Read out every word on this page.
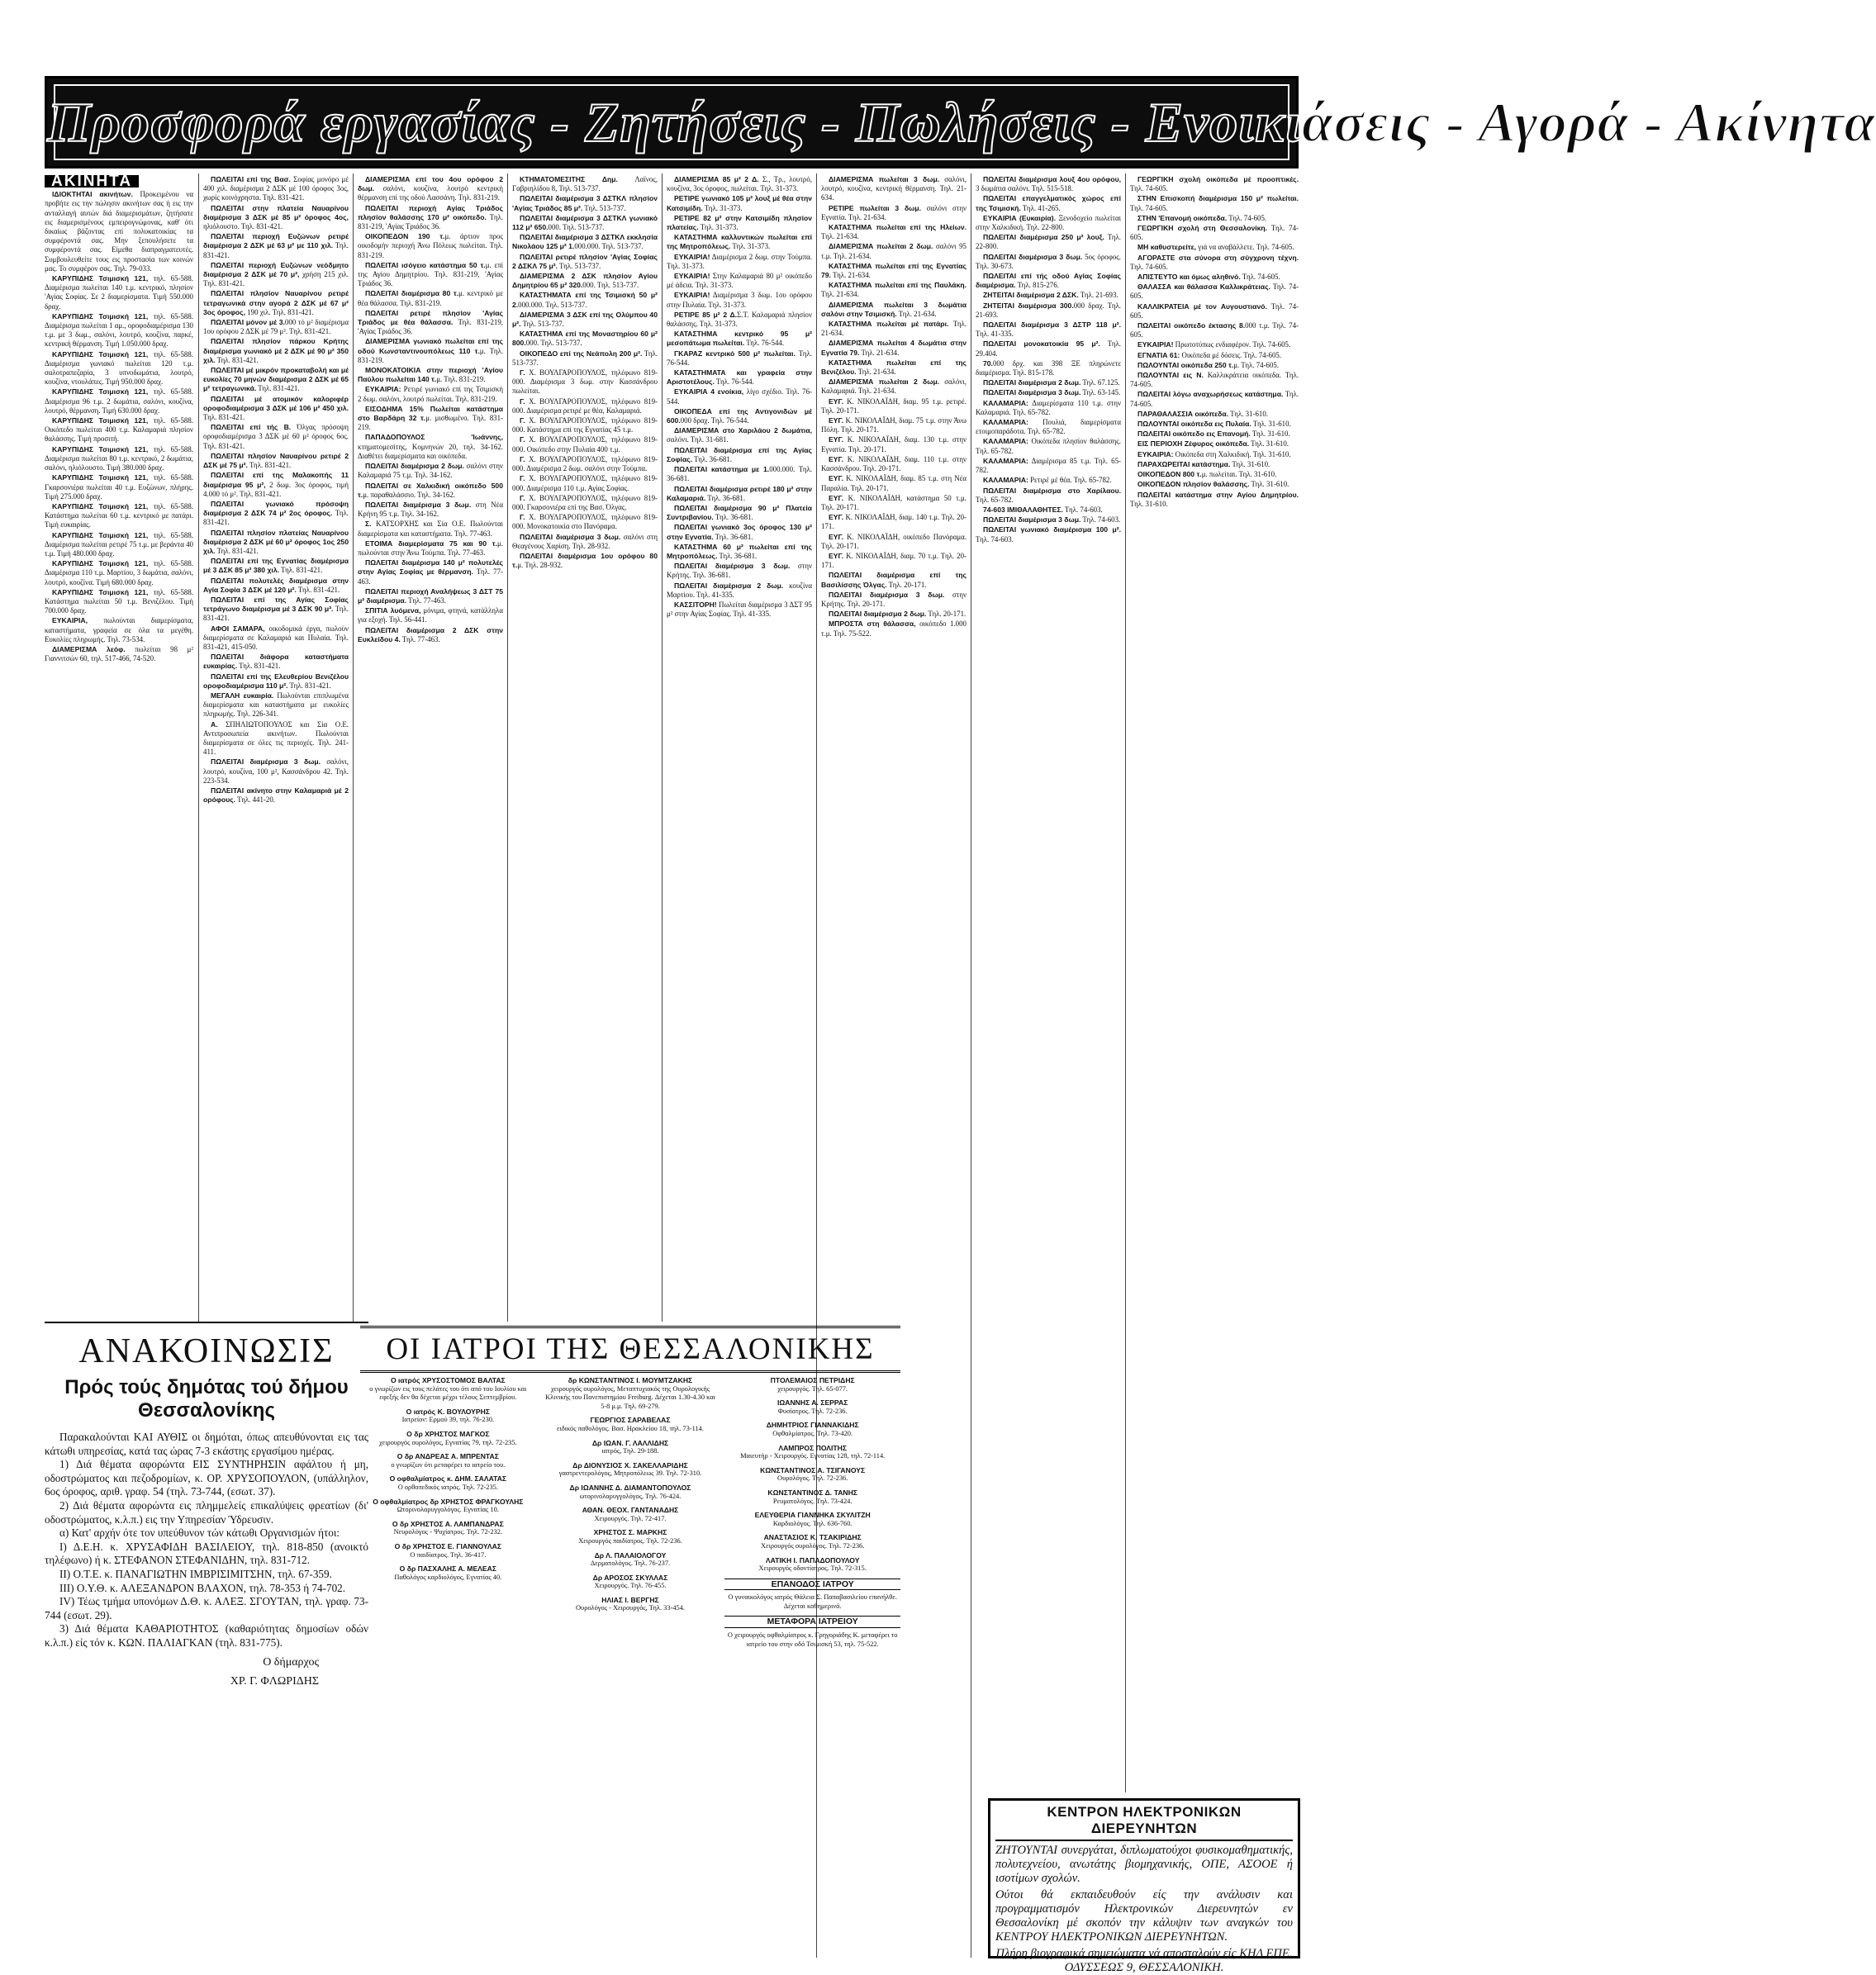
Προσφορά εργασίας - Ζητήσεις - Πωλήσεις - Ενοικιάσεις - Αγορά - Ακίνητα
ΑΚΙΝΗΤΑ

ΙΔΙΟΚΤΗΤΑΙ ακινήτων. Προκειμένου να προβήτε εις την πώλησιν ακινήτων σας ή εις την ανταλλαγή αυτών διά διαμερισμάτων, ζητήσατε εις διαμερισμένους εμπειρογνώμονας, καθ' ότι δικαίως βάζοντας επί πολυκατοικίας τα συμφέροντά σας. Μην ξεπουλήσετε τα συμφέροντά σας. Είμεθα διαπραγματευτές. Συμβουλευθείτε τους εις προστασία των κοινών μας. Το συμφέρον σας. Τηλ. 79-033.

ΚΑΡΥΠΙΔΗΣ Τσιμισκή 121, τηλ. 65-588. Διαμέρισμα πωλείται 140 τ.μ. κεντρικό, πλησίον 'Αγίας Σοφίας. Σε 2 διαμερίσματα. Τιμή 550.000 δραχ.

ΚΑΡΥΠΙΔΗΣ Τσιμισκή 121, τηλ. 65-588. Διαμέρισμα πωλείται 1 αμ., οροφοδιαμέρισμα 130 τ.μ. με 3 δωμ., σαλόνι, λουτρό, κουζίνα, παρκέ, κεντρική θέρμανση. Τιμή 1.050.000 δραχ.

ΚΑΡΥΠΙΔΗΣ Τσιμισκή 121, τηλ. 65-588. Διαμέρισμα γωνιακό πωλείται 120 τ.μ. σαλοτραπεζαρία, 3 υπνοδωμάτια, λουτρό, κουζίνα, ντουλάπες. Τιμή 950.000 δραχ.

ΚΑΡΥΠΙΔΗΣ Τσιμισκή 121, τηλ. 65-588. Διαμέρισμα 96 τ.μ. 2 δωμάτια, σαλόνι, κουζίνα, λουτρό, θέρμανση. Τιμή 630.000 δραχ.

ΚΑΡΥΠΙΔΗΣ Τσιμισκή 121, τηλ. 65-588. Οικόπεδο πωλείται 400 τ.μ. Καλαμαριά πλησίον θαλάσσης. Τιμή προσιτή.

ΚΑΡΥΠΙΔΗΣ Τσιμισκή 121, τηλ. 65-588. Διαμέρισμα πωλείται 80 τ.μ. κεντρικό, 2 δωμάτια, σαλόνι, ηλιόλουστο. Τιμή 380.000 δραχ.

ΚΑΡΥΠΙΔΗΣ Τσιμισκή 121, τηλ. 65-588. Γκαρσονιέρα πωλείται 40 τ.μ. Ευζώνων, πλήρης. Τιμή 275.000 δραχ.

ΚΑΡΥΠΙΔΗΣ Τσιμισκή 121, τηλ. 65-588. Κατάστημα πωλείται 60 τ.μ. κεντρικό με πατάρι. Τιμή ευκαιρίας.

ΚΑΡΥΠΙΔΗΣ Τσιμισκή 121, τηλ. 65-588. Διαμέρισμα πωλείται ρετιρέ 75 τ.μ. με βεράντα 40 τ.μ. Τιμή 480.000 δραχ.

ΚΑΡΥΠΙΔΗΣ Τσιμισκή 121, τηλ. 65-588. Διαμέρισμα 110 τ.μ. Μαρτίου, 3 δωμάτια, σαλόνι, λουτρό, κουζίνα. Τιμή 680.000 δραχ.

ΚΑΡΥΠΙΔΗΣ Τσιμισκή 121, τηλ. 65-588. Κατάστημα πωλείται 50 τ.μ. Βενιζέλου. Τιμή 700.000 δραχ.

ΕΥΚΑΙΡΙΑ, πωλούνται διαμερίσματα, καταστήματα, γραφεία σε όλα τα μεγέθη. Ευκολίες πληρωμής. Τηλ. 73-534.

ΔΙΑΜΕΡΙΣΜΑ λεόφ. πωλείται 98 μ² Γιαννιτσών 60, τηλ. 517-466, 74-520.

ΠΩΛΕΙΤΑΙ επί της Βασ. Σοφίας μονόρο μέ 400 χιλ. διαμέρισμα 2 ΔΣΚ μέ 100 όροφος 3ος, χωρίς κοινόχρηστα. Τηλ. 831-421.

ΠΩΛΕΙΤΑΙ στην πλατεία Ναυαρίνου διαμέρισμα 3 ΔΣΚ μέ 85 μ² όροφος 4ος, ηλιόλουστο. Τηλ. 831-421.

ΠΩΛΕΙΤΑΙ περιοχή Ευζώνων ρετιρέ διαμέρισμα 2 ΔΣΚ μέ 63 μ² με 110 χιλ. Τηλ. 831-421.

ΠΩΛΕΙΤΑΙ περιοχή Ευζώνων νεόδμητο διαμέρισμα 2 ΔΣΚ μέ 70 μ², χρήση 215 χιλ. Τηλ. 831-421.

ΠΩΛΕΙΤΑΙ πλησίον Ναυαρίνου ρετιρέ τετραγωνικά στην αγορά 2 ΔΣΚ μέ 67 μ² 3ος όροφος, 190 χιλ. Τηλ. 831-421.

ΠΩΛΕΙΤΑΙ μόνον μέ 3.000 τό μ² διαμέρισμα 1ου ορόφου 2 ΔΣΚ μέ 79 μ². Τηλ. 831-421.

ΠΩΛΕΙΤΑΙ πλησίον πάρκου Κρήτης διαμέρισμα γωνιακό μέ 2 ΔΣΚ μέ 90 μ² 350 χιλ. Τηλ. 831-421.

ΠΩΛΕΙΤΑΙ μέ μικρόν προκαταβολή και μέ ευκολίες 70 μηνών διαμέρισμα 2 ΔΣΚ μέ 65 μ² τετραγωνικά. Τηλ. 831-421.

ΠΩΛΕΙΤΑΙ μέ ατομικόν καλοριφέρ οροφοδιαμέρισμα 3 ΔΣΚ μέ 106 μ² 450 χιλ. Τηλ. 831-421.

ΠΩΛΕΙΤΑΙ επί τής Β. Όλγας πρόσοψη οροφοδιαμέρισμα 3 ΔΣΚ μέ 60 μ² όροφος 6ος. Τηλ. 831-421.

ΠΩΛΕΙΤΑΙ πλησίον Ναυαρίνου ρετιρέ 2 ΔΣΚ μέ 75 μ². Τηλ. 831-421.

ΠΩΛΕΙΤΑΙ επί της Μαλακοπής 11 διαμέρισμα 95 μ², 2 δωμ. 3ος όροφος, τιμή 4.000 τό μ². Τηλ. 831-421.

ΠΩΛΕΙΤΑΙ γωνιακό πρόσοψη διαμέρισμα 2 ΔΣΚ 74 μ² 2ος όροφος. Τηλ. 831-421.

ΠΩΛΕΙΤΑΙ πλησίον πλατείας Ναυαρίνου διαμέρισμα 2 ΔΣΚ μέ 60 μ² όροφος 1ος 250 χιλ. Τηλ. 831-421.

ΠΩΛΕΙΤΑΙ επί της Εγνατίας διαμέρισμα μέ 3 ΔΣΚ 85 μ² 380 χιλ. Τηλ. 831-421.

ΠΩΛΕΙΤΑΙ πολυτελές διαμέρισμα στην Αγία Σοφία 3 ΔΣΚ μέ 120 μ². Τηλ. 831-421.

ΠΩΛΕΙΤΑΙ επί της Αγίας Σοφίας τετράγωνο διαμέρισμα μέ 3 ΔΣΚ 90 μ². Τηλ. 831-421.

ΑΦΟΙ ΣΑΜΑΡΑ, οικοδομικά έργα, πωλούν διαμερίσματα σε Καλαμαριά και Πυλαία. Τηλ. 831-421, 415-050.

ΠΩΛΕΙΤΑΙ διάφορα καταστήματα ευκαιρίας. Τηλ. 831-421.

ΠΩΛΕΙΤΑΙ επί της Ελευθερίου Βενιζέλου οροφοδιαμέρισμα 110 μ². Τηλ. 831-421.

ΜΕΓΑΛΗ ευκαιρία. Πωλούνται επιπλωμένα διαμερίσματα και καταστήματα με ευκολίες πληρωμής. Τηλ. 226-341.

Α. ΣΠΗΛΙΩΤΟΠΟΥΛΟΣ και Σία Ο.Ε. Αντιπροσωπεία ακινήτων. Πωλούνται διαμερίσματα σε όλες τις περιοχές. Τηλ. 241-411.

ΠΩΛΕΙΤΑΙ διαμέρισμα 3 δωμ. σαλόνι, λουτρό, κουζίνα, 100 μ², Κασσάνδρου 42. Τηλ. 223-534.

ΠΩΛΕΙΤΑΙ ακίνητο στην Καλαμαριά μέ 2 ορόφους. Τηλ. 441-20.

ΔΙΑΜΕΡΙΣΜΑ επί του 4ου ορόφου 2 δωμ. σαλόνι, κουζίνα, λουτρό κεντρική θέρμανση επί της οδού Λασσάνη. Τηλ. 831-219.

ΠΩΛΕΙΤΑΙ περιοχή Αγίας Τριάδος πλησίον θαλάσσης 170 μ² οικόπεδο. Τηλ. 831-219, 'Αγίας Τριάδος 36.

ΟΙΚΟΠΕΔΟΝ 190 τ.μ. άρτιον προς οικοδομήν περιοχή Άνω Πόλεως πωλείται. Τηλ. 831-219.

ΠΩΛΕΙΤΑΙ ισόγειο κατάστημα 50 τ.μ. επί της Αγίου Δημητρίου. Τηλ. 831-219, 'Αγίας Τριάδος 36.

ΠΩΛΕΙΤΑΙ διαμέρισμα 80 τ.μ. κεντρικό με θέα θάλασσα. Τηλ. 831-219.

ΠΩΛΕΙΤΑΙ ρετιρέ πλησίον 'Αγίας Τριάδος με θέα θάλασσα. Τηλ. 831-219, 'Αγίας Τριάδος 36.

ΔΙΑΜΕΡΙΣΜΑ γωνιακό πωλείται επί της οδού Κωνσταντινουπόλεως 110 τ.μ. Τηλ. 831-219.

ΜΟΝΟΚΑΤΟΙΚΙΑ στην περιοχή 'Αγίου Παύλου πωλείται 140 τ.μ. Τηλ. 831-219.

ΕΥΚΑΙΡΙΑ: Ρετιρέ γωνιακό επί της Τσιμισκή 2 δωμ. σαλόνι, λουτρό πωλείται. Τηλ. 831-219.

ΕΙΣΟΔΗΜΑ 15% Πωλείται κατάστημα στο Βαρδάρη 32 τ.μ. μισθωμένο. Τηλ. 831-219.

ΠΑΠΑΔΟΠΟΥΛΟΣ 'Ιωάννης, κτηματομεσίτης, Κομνηνών 20, τηλ. 34-162. Διαθέτει διαμερίσματα και οικόπεδα.

ΠΩΛΕΙΤΑΙ διαμέρισμα 2 δωμ. σαλόνι στην Καλαμαριά 75 τ.μ. Τηλ. 34-162.

ΠΩΛΕΙΤΑΙ σε Χαλκιδική οικόπεδο 500 τ.μ. παραθαλάσσιο. Τηλ. 34-162.

ΠΩΛΕΙΤΑΙ διαμέρισμα 3 δωμ. στη Νέα Κρήνη 95 τ.μ. Τηλ. 34-162.

Σ. ΚΑΤΣΟΡΧΗΣ και Σία Ο.Ε. Πωλούνται διαμερίσματα και καταστήματα. Τηλ. 77-463.

ΕΤΟΙΜΑ διαμερίσματα 75 και 90 τ.μ. πωλούνται στην Άνω Τούμπα. Τηλ. 77-463.

ΠΩΛΕΙΤΑΙ διαμέρισμα 140 μ² πολυτελές στην Αγίας Σοφίας με θέρμανση. Τηλ. 77-463.

ΠΩΛΕΙΤΑΙ περιοχή Αναλήψεως 3 ΔΣΤ 75 μ² διαμέρισμα. Τηλ. 77-463.

ΣΠΙΤΙΑ λυόμενα, μόνιμα, φτηνά, κατάλληλα για εξοχή. Τηλ. 56-441.

ΠΩΛΕΙΤΑΙ διαμέρισμα 2 ΔΣΚ στην Ευκλείδου 4. Τηλ. 77-463.

ΚΤΗΜΑΤΟΜΕΣΙΤΗΣ Δημ. Λαϊνος, Γαβριηλίδου 8, Τηλ. 513-737.

ΠΩΛΕΙΤΑΙ διαμέρισμα 3 ΔΣΤΚΛ πλησίον 'Αγίας Τριάδος 85 μ². Τηλ. 513-737.

ΠΩΛΕΙΤΑΙ διαμέρισμα 3 ΔΣΤΚΛ γωνιακό 112 μ² 650.000. Τηλ. 513-737.

ΠΩΛΕΙΤΑΙ διαμέρισμα 3 ΔΣΤΚΛ εκκλησία Νικολάου 125 μ² 1.000.000. Τηλ. 513-737.

ΠΩΛΕΙΤΑΙ ρετιρέ πλησίον 'Αγίας Σοφίας 2 ΔΣΚΛ 75 μ². Τηλ. 513-737.

ΔΙΑΜΕΡΙΣΜΑ 2 ΔΣΚ πλησίον Αγίου Δημητρίου 65 μ² 320.000. Τηλ. 513-737.

ΚΑΤΑΣΤΗΜΑΤΑ επί της Τσιμισκή 50 μ² 2.000.000. Τηλ. 513-737.

ΔΙΑΜΕΡΙΣΜΑ 3 ΔΣΚ επί της Ολύμπου 40 μ². Τηλ. 513-737.

ΚΑΤΑΣΤΗΜΑ επί της Μοναστηρίου 60 μ² 800.000. Τηλ. 513-737.

ΟΙΚΟΠΕΔΟ επί της Νεάπολη 200 μ². Τηλ. 513-737.

Γ. Χ. ΒΟΥΛΓΑΡΟΠΟΥΛΟΣ, τηλέφωνο 819-000. Διαμέρισμα 3 δωμ. στην Κασσάνδρου πωλείται.

Γ. Χ. ΒΟΥΛΓΑΡΟΠΟΥΛΟΣ, τηλέφωνο 819-000. Διαμέρισμα ρετιρέ με θέα, Καλαμαριά.

Γ. Χ. ΒΟΥΛΓΑΡΟΠΟΥΛΟΣ, τηλέφωνο 819-000. Κατάστημα επί της Εγνατίας 45 τ.μ.

Γ. Χ. ΒΟΥΛΓΑΡΟΠΟΥΛΟΣ, τηλέφωνο 819-000. Οικόπεδο στην Πυλαία 400 τ.μ.

Γ. Χ. ΒΟΥΛΓΑΡΟΠΟΥΛΟΣ, τηλέφωνο 819-000. Διαμέρισμα 2 δωμ. σαλόνι στην Τούμπα.

Γ. Χ. ΒΟΥΛΓΑΡΟΠΟΥΛΟΣ, τηλέφωνο 819-000. Διαμέρισμα 110 τ.μ. Αγίας Σοφίας.

Γ. Χ. ΒΟΥΛΓΑΡΟΠΟΥΛΟΣ, τηλέφωνο 819-000. Γκαρσονιέρα επί της Βασ. Όλγας.

Γ. Χ. ΒΟΥΛΓΑΡΟΠΟΥΛΟΣ, τηλέφωνο 819-000. Μονοκατοικία στο Πανόραμα.

ΠΩΛΕΙΤΑΙ διαμέρισμα 3 δωμ. σαλόνι στη Θεαγένους Χαρίση. Τηλ. 28-932.

ΠΩΛΕΙΤΑΙ διαμέρισμα 1ου ορόφου 80 τ.μ. Τηλ. 28-932.

ΔΙΑΜΕΡΙΣΜΑ 85 μ² 2 Δ. Σ., Τρ., λουτρό, κουζίνα, 3ος όροφος, πωλείται. Τηλ. 31-373.

ΡΕΤΙΡΕ γωνιακό 105 μ² λουξ μέ θέα στην Κατσιμίδη. Τηλ. 31-373.

ΡΕΤΙΡΕ 82 μ² στην Κατσιμίδη πλησίον πλατείας. Τηλ. 31-373.

ΚΑΤΑΣΤΗΜΑ καλλυντικών πωλείται επί της Μητροπόλεως. Τηλ. 31-373.

ΕΥΚΑΙΡΙΑ! Διαμέρισμα 2 δωμ. στην Τούμπα. Τηλ. 31-373.

ΕΥΚΑΙΡΙΑ! Στην Καλαμαριά 80 μ² οικόπεδο μέ άδεια. Τηλ. 31-373.

ΕΥΚΑΙΡΙΑ! Διαμέρισμα 3 δωμ. 1ου ορόφου στην Πυλαία. Τηλ. 31-373.

ΡΕΤΙΡΕ 85 μ² 2 Δ.Σ.Τ. Καλαμαριά πλησίον θαλάσσης. Τηλ. 31-373.

ΚΑΤΑΣΤΗΜΑ κεντρικό 95 μ² μεσοπάτωμα πωλείται. Τηλ. 76-544.

ΓΚΑΡΑΖ κεντρικό 500 μ² πωλείται. Τηλ. 76-544.

ΚΑΤΑΣΤΗΜΑΤΑ και γραφεία στην Αριστοτέλους. Τηλ. 76-544.

ΕΥΚΑΙΡΙΑ 4 ενοίκια, λίγο σχέδιο. Τηλ. 76-544.

ΟΙΚΟΠΕΔΑ επί της Αντιγονιδών μέ 600.000 δραχ. Τηλ. 76-544.

ΔΙΑΜΕΡΙΣΜΑ στο Χαριλάου 2 δωμάτια, σαλόνι. Τηλ. 31-681.

ΠΩΛΕΙΤΑΙ διαμέρισμα επί της Αγίας Σοφίας. Τηλ. 36-681.

ΠΩΛΕΙΤΑΙ κατάστημα με 1.000.000. Τηλ. 36-681.

ΠΩΛΕΙΤΑΙ διαμέρισμα ρετιρέ 180 μ² στην Καλαμαριά. Τηλ. 36-681.

ΠΩΛΕΙΤΑΙ διαμέρισμα 90 μ² Πλατεία Συντριβανίου. Τηλ. 36-681.

ΠΩΛΕΙΤΑΙ γωνιακό 3ος όροφος 130 μ² στην Εγνατία. Τηλ. 36-681.

ΚΑΤΑΣΤΗΜΑ 60 μ² πωλείται επί της Μητροπόλεως. Τηλ. 36-681.

ΠΩΛΕΙΤΑΙ διαμέρισμα 3 δωμ. στην Κρήτης. Τηλ. 36-681.

ΠΩΛΕΙΤΑΙ διαμέρισμα 2 δωμ. κουζίνα Μαρτίου. Τηλ. 41-335.

ΚΑΣΣΙΤΟΡΗ! Πωλείται διαμέρισμα 3 ΔΣΤ 95 μ² στην Αγίας Σοφίας. Τηλ. 41-335.

ΔΙΑΜΕΡΙΣΜΑ πωλείται 3 δωμ. σαλόνι, λουτρό, κουζίνα, κεντρική θέρμανση. Τηλ. 21-634.

ΡΕΤΙΡΕ πωλείται 3 δωμ. σαλόνι στην Εγνατία. Τηλ. 21-634.

ΚΑΤΑΣΤΗΜΑ πωλείται επί της Ηλείων. Τηλ. 21-634.

ΔΙΑΜΕΡΙΣΜΑ πωλείται 2 δωμ. σαλόνι 95 τ.μ. Τηλ. 21-634.

ΚΑΤΑΣΤΗΜΑ πωλείται επί της Εγνατίας 79. Τηλ. 21-634.

ΚΑΤΑΣΤΗΜΑ πωλείται επί της Παυλάκη. Τηλ. 21-634.

ΔΙΑΜΕΡΙΣΜΑ πωλείται 3 δωμάτια σαλόνι στην Τσιμισκή. Τηλ. 21-634.

ΚΑΤΑΣΤΗΜΑ πωλείται μέ πατάρι. Τηλ. 21-634.

ΔΙΑΜΕΡΙΣΜΑ πωλείται 4 δωμάτια στην Εγνατία 79. Τηλ. 21-634.

ΚΑΤΑΣΤΗΜΑ πωλείται επί της Βενιζέλου. Τηλ. 21-634.

ΔΙΑΜΕΡΙΣΜΑ πωλείται 2 δωμ. σαλόνι, Καλαμαριά. Τηλ. 21-634.

ΕΥΓ. Κ. ΝΙΚΟΛΑΪΔΗ, διαμ. 95 τ.μ. ρετιρέ. Τηλ. 20-171.

ΕΥΓ. Κ. ΝΙΚΟΛΑΪΔΗ, διαμ. 75 τ.μ. στην Άνω Πόλη. Τηλ. 20-171.

ΕΥΓ. Κ. ΝΙΚΟΛΑΪΔΗ, διαμ. 130 τ.μ. στην Εγνατία. Τηλ. 20-171.

ΕΥΓ. Κ. ΝΙΚΟΛΑΪΔΗ, διαμ. 110 τ.μ. στην Κασσάνδρου. Τηλ. 20-171.

ΕΥΓ. Κ. ΝΙΚΟΛΑΪΔΗ, διαμ. 85 τ.μ. στη Νέα Παραλία. Τηλ. 20-171.

ΕΥΓ. Κ. ΝΙΚΟΛΑΪΔΗ, κατάστημα 50 τ.μ. Τηλ. 20-171.

ΕΥΓ. Κ. ΝΙΚΟΛΑΪΔΗ, διαμ. 140 τ.μ. Τηλ. 20-171.

ΕΥΓ. Κ. ΝΙΚΟΛΑΪΔΗ, οικόπεδο Πανόραμα. Τηλ. 20-171.

ΕΥΓ. Κ. ΝΙΚΟΛΑΪΔΗ, διαμ. 70 τ.μ. Τηλ. 20-171.

ΠΩΛΕΙΤΑΙ διαμέρισμα επί της Βασιλίσσης Όλγας. Τηλ. 20-171.

ΠΩΛΕΙΤΑΙ διαμέρισμα 3 δωμ. στην Κρήτης. Τηλ. 20-171.

ΠΩΛΕΙΤΑΙ διαμέρισμα 2 δωμ. Τηλ. 20-171.

ΜΠΡΟΣΤΑ στη θάλασσα, οικόπεδο 1.000 τ.μ. Τηλ. 75-522.

ΠΩΛΕΙΤΑΙ διαμέρισμα λουξ 4ου ορόφου, 3 δωμάτια σαλόνι. Τηλ. 515-518.

ΠΩΛΕΙΤΑΙ επαγγελματικός χώρος επί της Τσιμισκή. Τηλ. 41-265.

ΕΥΚΑΙΡΙΑ (Ευκαιρία). Ξενοδοχείο πωλείται στην Χαλκιδική. Τηλ. 22-800.

ΠΩΛΕΙΤΑΙ διαμέρισμα 250 μ² λουξ. Τηλ. 22-800.

ΠΩΛΕΙΤΑΙ διαμέρισμα 3 δωμ. 5ος όροφος. Τηλ. 30-673.

ΠΩΛΕΙΤΑΙ επί τής οδού Αγίας Σοφίας διαμέρισμα. Τηλ. 815-276.

ΖΗΤΕΙΤΑΙ διαμέρισμα 2 ΔΣΚ. Τηλ. 21-693.

ΖΗΤΕΙΤΑΙ διαμέρισμα 300.000 δραχ. Τηλ. 21-693.

ΠΩΛΕΙΤΑΙ διαμέρισμα 3 ΔΣΤΡ 118 μ². Τηλ. 41-335.

ΠΩΛΕΙΤΑΙ μονοκατοικία 95 μ². Τηλ. 29.404.

70.000 δρχ. και 398 ΞΕ πληρώνετε διαμέρισμα. Τηλ. 815-178.

ΠΩΛΕΙΤΑΙ διαμέρισμα 2 δωμ. Τηλ. 67.125.

ΠΩΛΕΙΤΑΙ διαμέρισμα 3 δωμ. Τηλ. 63-145.

ΚΑΛΑΜΑΡΙΑ: Διαμερίσματα 110 τ.μ. στην Καλαμαριά. Τηλ. 65-782.

ΚΑΛΑΜΑΡΙΑ: Πουλιά, διαμερίσματα ετοιμοπαράδοτα. Τηλ. 65-782.

ΚΑΛΑΜΑΡΙΑ: Οικόπεδα πλησίον θαλάσσης. Τηλ. 65-782.

ΚΑΛΑΜΑΡΙΑ: Διαμέρισμα 85 τ.μ. Τηλ. 65-782.

ΚΑΛΑΜΑΡΙΑ: Ρετιρέ μέ θέα. Τηλ. 65-782.

ΠΩΛΕΙΤΑΙ διαμέρισμα στο Χαρίλαου. Τηλ. 65-782.

74-603 ΙΜΙΘΑΛΑΘΗΤΕΣ. Τηλ. 74-603.

ΠΩΛΕΙΤΑΙ διαμέρισμα 3 δωμ. Τηλ. 74-603.

ΠΩΛΕΙΤΑΙ γωνιακό διαμέρισμα 100 μ². Τηλ. 74-603.

ΓΕΩΡΓΙΚΗ σχολή οικόπεδα μέ προοπτικές. Τηλ. 74-605.

ΣΤΗΝ Επισκοπή διαμέρισμα 150 μ² πωλείται. Τηλ. 74-605.

ΣΤΗΝ 'Επανομή οικόπεδα. Τηλ. 74-605.

ΓΕΩΡΓΙΚΗ σχολή στη Θεσσαλονίκη. Τηλ. 74-605.

ΜΗ καθυστερείτε, γιά να αναβάλλετε. Τηλ. 74-605.

ΑΓΟΡΑΣΤΕ στα σύνορα στη σύγχρονη τέχνη. Τηλ. 74-605.

ΑΠΙΣΤΕΥΤΟ και όμως αληθινό. Τηλ. 74-605.

ΘΑΛΑΣΣΑ και θάλασσα Καλλικράτειας. Τηλ. 74-605.

ΚΑΛΛΙΚΡΑΤΕΙΑ μέ τον Αυγουστιανό. Τηλ. 74-605.

ΠΩΛΕΙΤΑΙ οικόπεδο έκτασης 8.000 τ.μ. Τηλ. 74-605.

ΕΥΚΑΙΡΙΑ! Πρωτοτύπως ενδιαφέρον. Τηλ. 74-605.

ΕΓΝΑΤΙΑ 61: Οικόπεδα μέ δόσεις. Τηλ. 74-605.

ΠΩΛΟΥΝΤΑΙ οικόπεδα 250 τ.μ. Τηλ. 74-605.

ΠΩΛΟΥΝΤΑΙ εις Ν. Καλλικράτεια οικόπεδα. Τηλ. 74-605.

ΠΩΛΕΙΤΑΙ λόγω αναχωρήσεως κατάστημα. Τηλ. 74-605.

ΠΑΡΑΘΑΛΑΣΣΙΑ οικόπεδα. Τηλ. 31-610.

ΠΩΛΟΥΝΤΑΙ οικόπεδα εις Πυλαία. Τηλ. 31-610.

ΠΩΛΕΙΤΑΙ οικόπεδο εις Επανομή. Τηλ. 31-610.

ΕΙΣ ΠΕΡΙΟΧΗ Ζέφυρος οικόπεδα. Τηλ. 31-610.

ΕΥΚΑΙΡΙΑ: Οικόπεδα στη Χαλκιδική. Τηλ. 31-610.

ΠΑΡΑΧΩΡΕΙΤΑΙ κατάστημα. Τηλ. 31-610.

ΟΙΚΟΠΕΔΟΝ 800 τ.μ. πωλείται. Τηλ. 31-610.

ΟΙΚΟΠΕΔΟΝ πλησίον θαλάσσης. Τηλ. 31-610.

ΠΩΛΕΙΤΑΙ κατάστημα στην Αγίου Δημητρίου. Τηλ. 31-610.

ΑΝΑΚΟΙΝΩΣΙΣ
Πρός τούς δημότας τού δήμου Θεσσαλονίκης

Παρακαλούνται ΚΑΙ ΑΥΘΙΣ οι δημόται, όπως απευθύνονται εις τας κάτωθι υπηρεσίας, κατά τας ώρας 7-3 εκάστης εργασίμου ημέρας.

1) Διά θέματα αφορώντα ΕΙΣ ΣΥΝΤΗΡΗΣΙΝ αφάλτου ή μη, οδοστρώματος και πεζοδρομίων, κ. ΟΡ. ΧΡΥΣΟΠΟΥΛΟΝ, (υπάλληλον, 6ος όροφος, αριθ. γραφ. 54 (τηλ. 73-744, (εσωτ. 37).

2) Διά θέματα αφορώντα εις πλημμελείς επικαλύψεις φρεατίων (δι' οδοστρώματος, κ.λ.π.) εις την Υπηρεσίαν Ύδρευσιν.

α) Κατ' αρχήν ότε τον υπεύθυνον τών κάτωθι Οργανισμών ήτοι:

Ι) Δ.Ε.Η. κ. ΧΡΥΣΑΦΙΔΗ ΒΑΣΙΛΕΙΟΥ, τηλ. 818-850 (ανοικτό τηλέφωνο) ή κ. ΣΤΕΦΑΝΟΝ ΣΤΕΦΑΝΙΔΗΝ, τηλ. 831-712.

ΙΙ) Ο.Τ.Ε. κ. ΠΑΝΑΓΙΩΤΗΝ ΙΜΒΡΙΣΙΜΙΤΣΗΝ, τηλ. 67-359.

ΙΙΙ) Ο.Υ.Θ. κ. ΑΛΕΞΑΝΔΡΟΝ ΒΛΑΧΟΝ, τηλ. 78-353 ή 74-702.

ΙV) Τέως τμήμα υπονόμων Δ.Θ. κ. ΑΛΕΞ. ΣΓΟΥΤΑΝ, τηλ. γραφ. 73-744 (εσωτ. 29).

3) Διά θέματα ΚΑΘΑΡΙΟΤΗΤΟΣ (καθαριότητας δημοσίων οδών κ.λ.π.) είς τόν κ. ΚΩΝ. ΠΑΛΙΑΓΚΑΝ (τηλ. 831-775).

Ο δήμαρχος
ΧΡ. Γ. ΦΛΩΡΙΔΗΣ
ΟΙ ΙΑΤΡΟΙ ΤΗΣ ΘΕΣΣΑΛΟΝΙΚΗΣ
Ο ιατρός ΧΡΥΣΟΣΤΟΜΟΣ ΒΑΛΤΑΣ
ο γνωρίζων εις τους πελάτες του ότι από του Ιουλίου και εφεξής δεν θα δέχεται μέχρι τέλους Σεπτεμβρίου.
Ο ιατρός Κ. ΒΟΥΛΟΥΡΗΣ
Ιατρείον: Ερμού 39, τηλ. 76-230.
Ο δρ ΧΡΗΣΤΟΣ ΜΑΓΚΟΣ
χειρουργός ουρολόγος, Εγνατίας 79, τηλ. 72-235.
Ο δρ ΑΝΔΡΕΑΣ Α. ΜΠΡΕΝΤΑΣ
ο γνωρίζων ότι μεταφέρει το ιατρείο του.
Ο οφθαλμίατρος κ. ΔΗΜ. ΣΑΛΑΤΑΣ
Ο ορθοπεδικός ιατρός. Τηλ. 72-235.
Ο οφθαλμίατρος δρ ΧΡΗΣΤΟΣ ΦΡΑΓΚΟΥΛΗΣ
Ωτορινολαρυγγολόγος. Εγνατίας 10.
Ο δρ ΧΡΗΣΤΟΣ Α. ΛΑΜΠΑΝΔΡΑΣ
Νευρολόγος - Ψυχίατρος. Τηλ. 72-232.
Ο δρ ΧΡΗΣΤΟΣ Ε. ΓΙΑΝΝΟΥΛΑΣ
Ο παιδίατρος. Τηλ. 36-417.
Ο δρ ΠΑΣΧΑΛΗΣ Α. ΜΕΛΕΑΣ
Παθολόγος καρδιολόγος, Εγνατίας 40.
δρ ΚΩΝΣΤΑΝΤΙΝΟΣ Ι. ΜΟΥΜΤΖΑΚΗΣ
χειρουργός ουρολόγος, Μεταπτυχιακός της Ουρολογικής Κλινικής του Πανεπιστημίου Freiburg. Δέχεται 1.30-4.30 και 5-8 μ.μ. Τηλ. 69-279.
ΓΕΩΡΓΙΟΣ ΣΑΡΑΒΕΛΑΣ
ειδικός παθολόγος. Βασ. Ηρακλείου 18, τηλ. 73-114.
Δρ ΙΩΑΝ. Γ. ΛΑΛΛΙΔΗΣ
ιατρός, Τηλ. 29-188.
Δρ ΔΙΟΝΥΣΙΟΣ Χ. ΣΑΚΕΛΛΑΡΙΔΗΣ
γαστρεντερολόγος, Μητροπόλεως 39. Τηλ. 72-310.
Δρ ΙΩΑΝΝΗΣ Δ. ΔΙΑΜΑΝΤΟΠΟΥΛΟΣ
ωτορινολαρυγγολόγος, Τηλ. 76-424.
ΑΘΑΝ. ΘΕΟΧ. ΓΑΝΤΑΝΑΔΗΣ
Χειρουργός. Τηλ. 72-417.
ΧΡΗΣΤΟΣ Σ. ΜΑΡΚΗΣ
Χειρουργός παιδίατρος. Τηλ. 72-236.
Δρ Λ. ΠΑΛΑΙΟΛΟΓΟΥ
Δερματολόγος. Τηλ. 76-237.
Δρ ΑΡΟΣΟΣ ΣΚΥΛΛΑΣ
Χειρουργός. Τηλ. 76-455.
ΗΛΙΑΣ Ι. ΒΕΡΓΗΣ
Ουρολόγος - Χειρουργός, Τηλ. 33-454.
ΠΤΟΛΕΜΑΙΟΣ ΠΕΤΡΙΔΗΣ
χειρουργός. Τηλ. 65-077.
ΙΩΑΝΝΗΣ Α. ΣΕΡΡΑΣ
Φυσίατρος. Τηλ. 72-236.
ΔΗΜΗΤΡΙΟΣ ΓΙΑΝΝΑΚΙΔΗΣ
Οφθαλμίατρος. Τηλ. 73-420.
ΛΑΜΠΡΟΣ ΠΟΛΙΤΗΣ
Μαιευτήρ - Χειρουργός. Εγνατίας 128, τηλ. 72-114.
ΚΩΝΣΤΑΝΤΙΝΟΣ Α. ΤΣΙΓΑΝΟΥΣ
Ουρολόγος. Τηλ. 72-236.
ΚΩΝΣΤΑΝΤΙΝΟΣ Δ. ΤΑΝΗΣ
Ρευματολόγος. Τηλ. 73-424.
ΕΛΕΥΘΕΡΙΑ ΓΙΑΝΝΗΚΑ ΣΚΥΛΙΤΖΗ
Καρδιολόγος. Τηλ. 636-760.
ΑΝΑΣΤΑΣΙΟΣ Κ. ΤΣΑΚΙΡΙΔΗΣ
Χειρουργός ουρολόγος. Τηλ. 72-236.
ΛΑΤΙΚΗ Ι. ΠΑΠΑΔΟΠΟΥΛΟΥ
Χειρουργός οδοντίατρος. Τηλ. 72-315.
ΕΠΑΝΟΔΟΣ ΙΑΤΡΟΥ
Ο γυναικολόγος ιατρός Θάλεια Σ. Παπαβασιλείου επανήλθε. Δέχεται καθημερινά.
ΜΕΤΑΦΟΡΑ ΙΑΤΡΕΙΟΥ
Ο χειρουργός οφθαλμίατρος κ. Γρηγοριάδης Κ. μεταφέρει το ιατρείο του στην οδό Τσιμισκή 53, τηλ. 75-522.
ΚΕΝΤΡΟΝ ΗΛΕΚΤΡΟΝΙΚΩΝ ΔΙΕΡΕΥΝΗΤΩΝ

ΖΗΤΟΥΝΤΑΙ συνεργάται, διπλωματούχοι φυσικομαθηματικής, πολυτεχνείου, ανωτάτης βιομηχανικής, ΟΠΕ, ΑΣΟΟΕ ή ισοτίμων σχολών.

Ούτοι θά εκπαιδευθούν είς την ανάλυσιν και προγραμματισμόν Ηλεκτρονικών Διερευνητών εν Θεσσαλονίκη μέ σκοπόν την κάλυψιν των αναγκών του ΚΕΝΤΡΟΥ ΗΛΕΚΤΡΟΝΙΚΩΝ ΔΙΕΡΕΥΝΗΤΩΝ.

Πλήρη βιογραφικά σημειώματα νά αποσταλούν είς ΚΗΔ ΕΠΕ, ΟΔΥΣΣΕΩΣ 9, ΘΕΣΣΑΛΟΝΙΚΗ.
